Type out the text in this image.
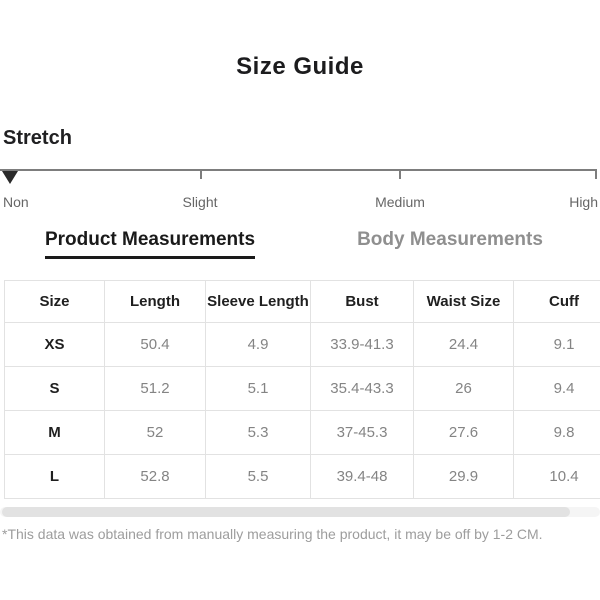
Size Guide
Stretch
Non	Slight	Medium	High
Product Measurements	Body Measurements
Size	Length	Sleeve Length	Bust	Waist Size	Cuff
XS	50.4	4.9	33.9-41.3	24.4	9.1
S	51.2	5.1	35.4-43.3	26	9.4
M	52	5.3	37-45.3	27.6	9.8
L	52.8	5.5	39.4-48	29.9	10.4
*This data was obtained from manually measuring the product, it may be off by 1-2 CM.
